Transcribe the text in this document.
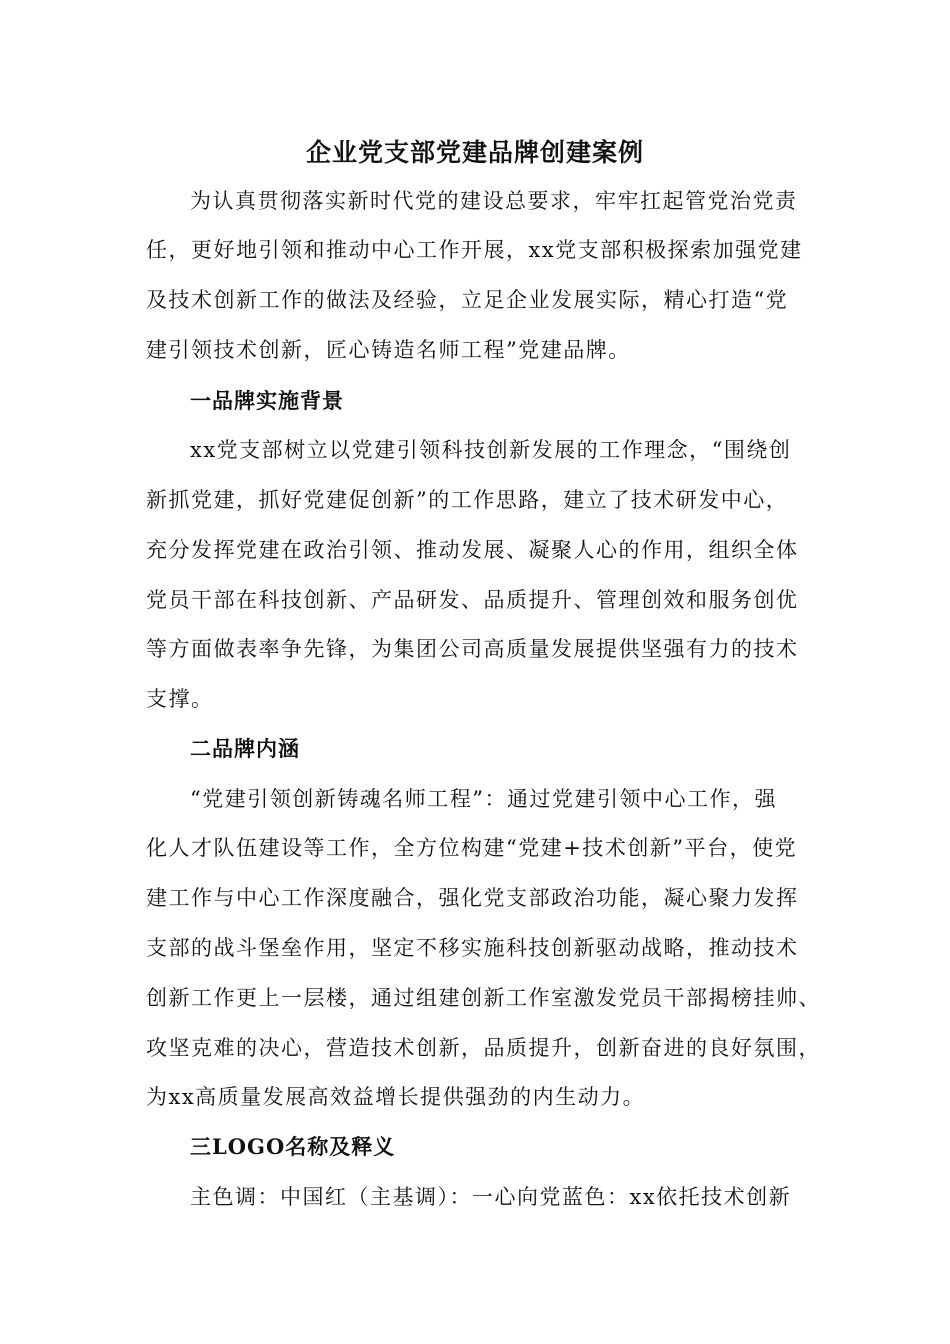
企业党支部党建品牌创建案例
为认真贯彻落实新时代党的建设总要求，牢牢扛起管党治党责
任，更好地引领和推动中心工作开展，xx党支部积极探索加强党建
及技术创新工作的做法及经验，立足企业发展实际，精心打造“党
建引领技术创新，匠心铸造名师工程”党建品牌。
一品牌实施背景
xx党支部树立以党建引领科技创新发展的工作理念，“围绕创
新抓党建，抓好党建促创新”的工作思路，建立了技术研发中心，
充分发挥党建在政治引领、推动发展、凝聚人心的作用，组织全体
党员干部在科技创新、产品研发、品质提升、管理创效和服务创优
等方面做表率争先锋，为集团公司高质量发展提供坚强有力的技术
支撑。
二品牌内涵
“党建引领创新铸魂名师工程”：通过党建引领中心工作，强
化人才队伍建设等工作，全方位构建“党建+技术创新”平台，使党
建工作与中心工作深度融合，强化党支部政治功能，凝心聚力发挥
支部的战斗堡垒作用，坚定不移实施科技创新驱动战略，推动技术
创新工作更上一层楼，通过组建创新工作室激发党员干部揭榜挂帅、
攻坚克难的决心，营造技术创新，品质提升，创新奋进的良好氛围，
为xx高质量发展高效益增长提供强劲的内生动力。
三LOGO名称及释义
主色调：中国红（主基调）：一心向党蓝色：xx依托技术创新
